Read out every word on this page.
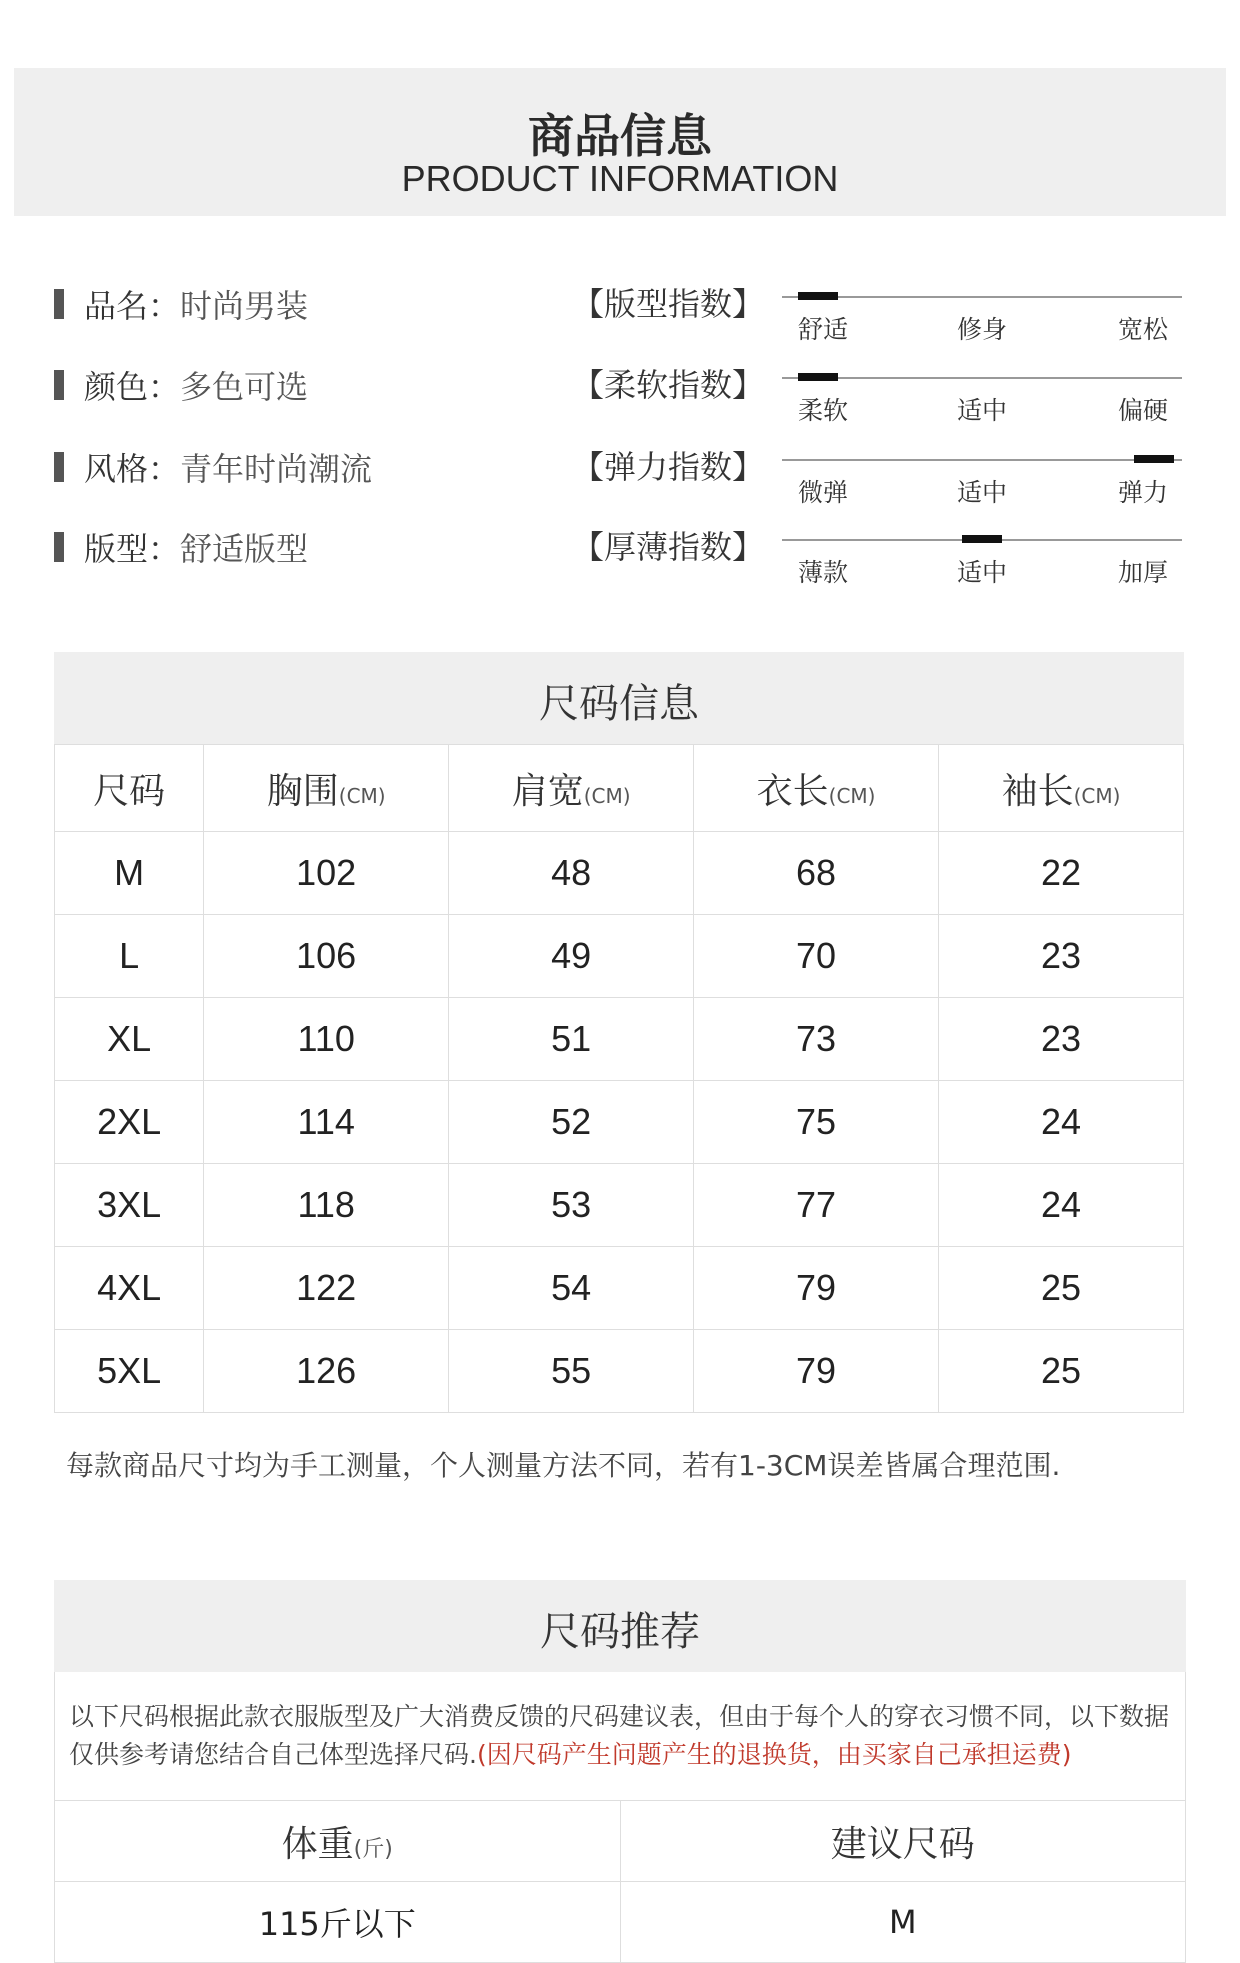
商品信息
PRODUCT INFORMATION
品名： 时尚男装
颜色： 多色可选
风格： 青年时尚潮流
版型： 舒适版型
【版型指数】
舒适	修身	宽松
【柔软指数】
柔软	适中	偏硬
【弹力指数】
微弹	适中	弹力
【厚薄指数】
薄款	适中	加厚
尺码信息
尺码	胸围(CM)	肩宽(CM)	衣长(CM)	袖长(CM)
M	102	48	68	22
L	106	49	70	23
XL	110	51	73	23
2XL	114	52	75	24
3XL	118	53	77	24
4XL	122	54	79	25
5XL	126	55	79	25
每款商品尺寸均为手工测量，个人测量方法不同，若有1-3CM误差皆属合理范围.
尺码推荐
以下尺码根据此款衣服版型及广大消费反馈的尺码建议表，但由于每个人的穿衣习惯不同，以下数据仅供参考请您结合自己体型选择尺码.(因尺码产生问题产生的退换货，由买家自己承担运费)
体重(斤)	建议尺码
115斤以下	M
